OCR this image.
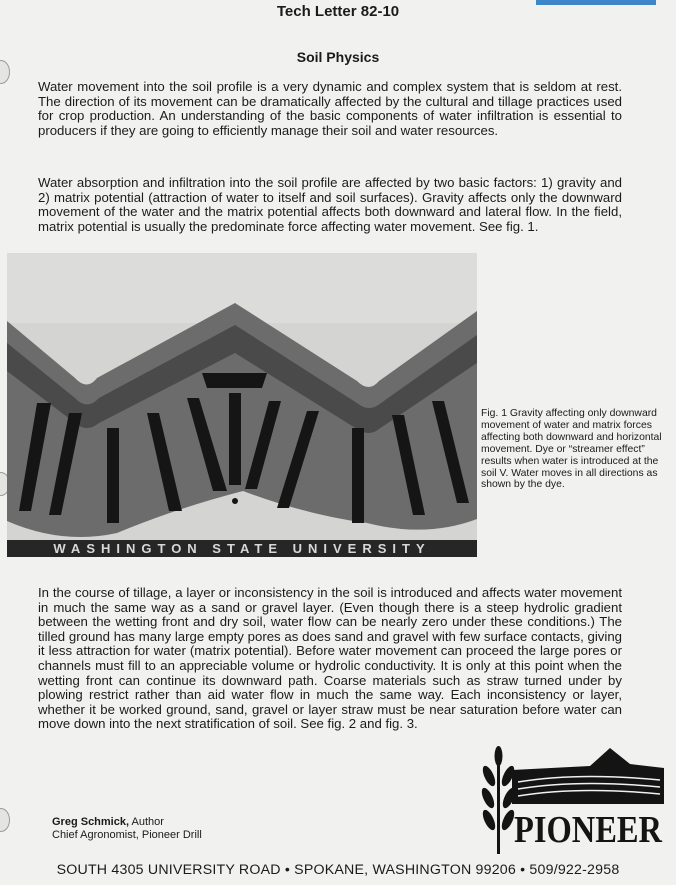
Tech Letter 82-10
Soil Physics

Water movement into the soil profile is a very dynamic and complex system that is seldom at rest. The direction of its movement can be dramatically affected by the cultural and tillage practices used for crop production. An understanding of the basic components of water infiltration is essential to producers if they are going to efficiently manage their soil and water resources.

Water absorption and infiltration into the soil profile are affected by two basic factors: 1) gravity and 2) matrix potential (attraction of water to itself and soil surfaces). Gravity affects only the downward movement of the water and the matrix potential affects both downward and lateral flow. In the field, matrix potential is usually the predominate force affecting water movement. See fig. 1.

WASHINGTON STATE UNIVERSITY

Fig. 1 Gravity affecting only downward movement of water and matrix forces affecting both downward and horizontal movement. Dye or “streamer effect” results when water is introduced at the soil V. Water moves in all directions as shown by the dye.

In the course of tillage, a layer or inconsistency in the soil is introduced and affects water movement in much the same way as a sand or gravel layer. (Even though there is a steep hydrolic gradient between the wetting front and dry soil, water flow can be nearly zero under these conditions.) The tilled ground has many large empty pores as does sand and gravel with few surface contacts, giving it less attraction for water (matrix potential). Before water movement can proceed the large pores or channels must fill to an appreciable volume or hydrolic conductivity. It is only at this point when the wetting front can continue its downward path. Coarse materials such as straw turned under by plowing restrict rather than aid water flow in much the same way. Each inconsistency or layer, whether it be worked ground, sand, gravel or layer straw must be near saturation before water can move down into the next stratification of soil. See fig. 2 and fig. 3.

Greg Schmick, Author
Chief Agronomist, Pioneer Drill	PIONEER
SOUTH 4305 UNIVERSITY ROAD • SPOKANE, WASHINGTON 99206 • 509/922-2958
